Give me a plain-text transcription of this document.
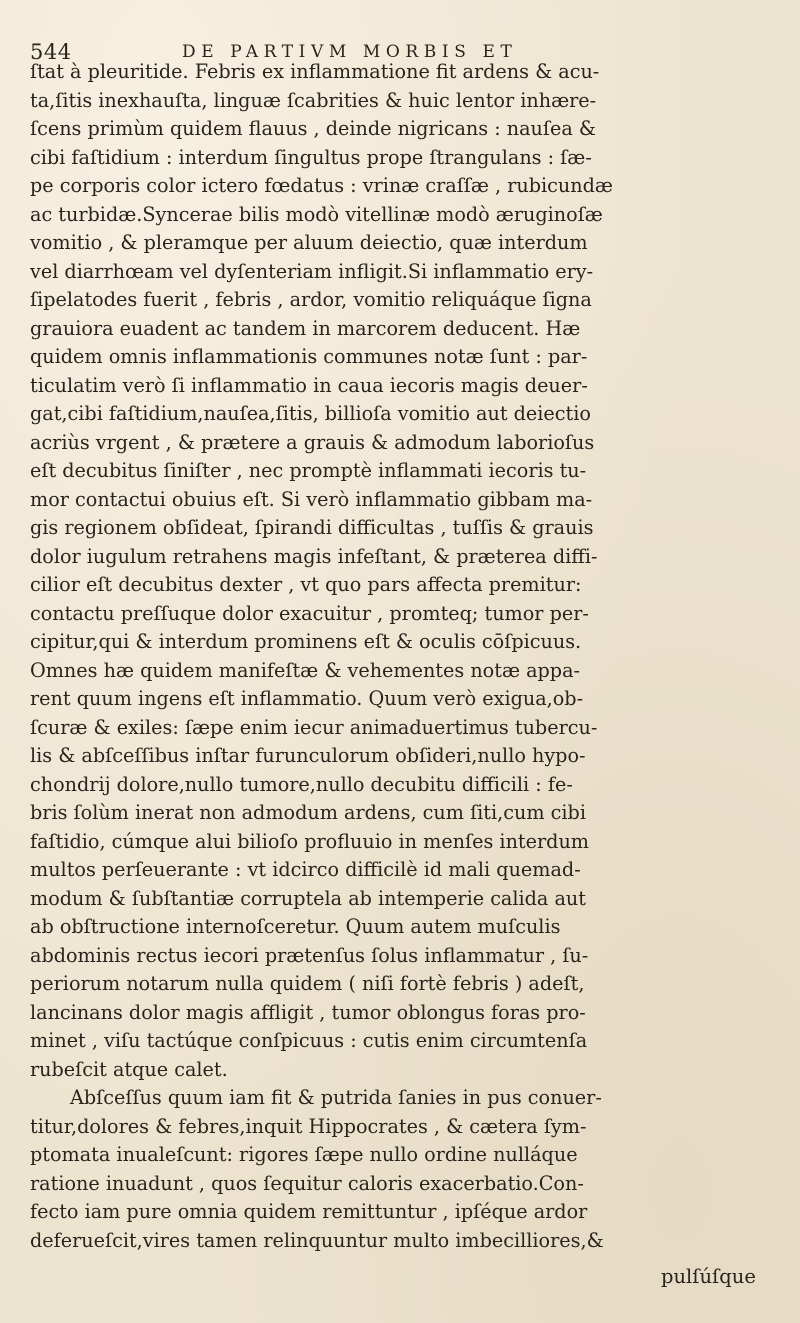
544	DE PARTIVM MORBIS ET
ſtat à pleuritide. Febris ex inflammatione fit ardens & acu-
ta,ſitis inexhauſta, linguæ ſcabrities & huic lentor inhære-
ſcens primùm quidem flauus , deinde nigricans : nauſea &
cibi faſtidium : interdum ſingultus prope ſtrangulans : ſæ-
pe corporis color ictero fœdatus : vrinæ craſſæ , rubicundæ
ac turbidæ.Syncerae bilis modò vitellinæ modò æruginoſæ
vomitio , & pleramque per aluum deiectio, quæ interdum
vel diarrhœam vel dyſenteriam infligit.Si inflammatio ery-
ſipelatodes fuerit , febris , ardor, vomitio reliquáque ſigna
grauiora euadent ac tandem in marcorem deducent. Hæ
quidem omnis inflammationis communes notæ ſunt : par-
ticulatim verò ſi inflammatio in caua iecoris magis deuer-
gat,cibi faſtidium,nauſea,ſitis, billioſa vomitio aut deiectio
acriùs vrgent , & prætere a grauis & admodum laborioſus
eſt decubitus ſiniſter , nec promptè inflammati iecoris tu-
mor contactui obuius eſt. Si verò inflammatio gibbam ma-
gis regionem obſideat, ſpirandi difficultas , tuſſis & grauis
dolor iugulum retrahens magis infeſtant, & præterea diffi-
cilior eſt decubitus dexter , vt quo pars affecta premitur:
contactu preſſuque dolor exacuitur , promteq; tumor per-
cipitur,qui & interdum prominens eſt & oculis cōſpicuus.
Omnes hæ quidem manifeſtæ & vehementes notæ appa-
rent quum ingens eſt inflammatio. Quum verò exigua,ob-
ſcuræ & exiles: ſæpe enim iecur animaduertimus tubercu-
lis & abſceſſibus inſtar furunculorum obſideri,nullo hypo-
chondrij dolore,nullo tumore,nullo decubitu difficili : fe-
bris ſolùm inerat non admodum ardens, cum ſiti,cum cibi
faſtidio, cúmque alui bilioſo profluuio in menſes interdum
multos perſeuerante : vt idcirco difficilè id mali quemad-
modum & ſubſtantiæ corruptela ab intemperie calida aut
ab obſtructione internoſceretur. Quum autem muſculis
abdominis rectus iecori prætenſus ſolus inflammatur , ſu-
periorum notarum nulla quidem ( niſi fortè febris ) adeſt,
lancinans dolor magis affligit , tumor oblongus foras pro-
minet , viſu tactúque conſpicuus : cutis enim circumtenſa
rubeſcit atque calet.
Abſceſſus quum iam fit & putrida ſanies in pus conuer-
titur,dolores & febres,inquit Hippocrates , & cætera ſym-
ptomata inualeſcunt: rigores ſæpe nullo ordine nulláque
ratione inuadunt , quos ſequitur caloris exacerbatio.Con-
fecto iam pure omnia quidem remittuntur , ipſéque ardor
deferueſcit,vires tamen relinquuntur multo imbecilliores,&
pulſúſque
